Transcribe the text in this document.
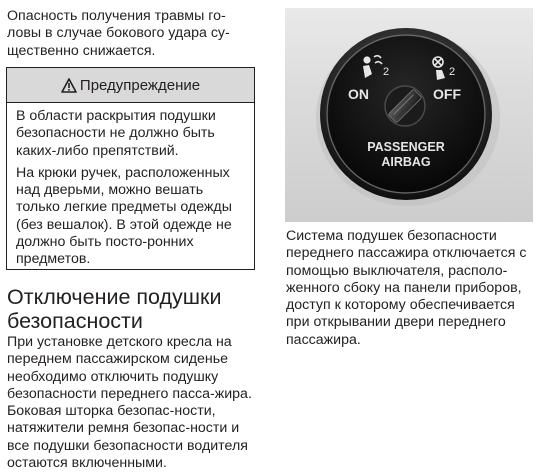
Опасность получения травмы го-ловы в случае бокового удара су-щественно снижается.

Предупреждение

В области раскрытия подушки безопасности не должно быть каких-либо препятствий.

На крюки ручек, расположенных над дверьми, можно вешать только легкие предметы одежды (без вешалок). В этой одежде не должно быть посто-ронних предметов.

Отключение подушки безопасности

При установке детского кресла на переднем пассажирском сиденье необходимо отключить подушку безопасности переднего пасса-жира. Боковая шторка безопас-ности, натяжители ремня безопас-ности и все подушки безопасности водителя остаются включенными.

2
ON
2
OFF
PASSENGER
AIRBAG

Система подушек безопасности переднего пассажира отключается с помощью выключателя, располо-женного сбоку на панели приборов, доступ к которому обеспечивается при открывании двери переднего пассажира.
